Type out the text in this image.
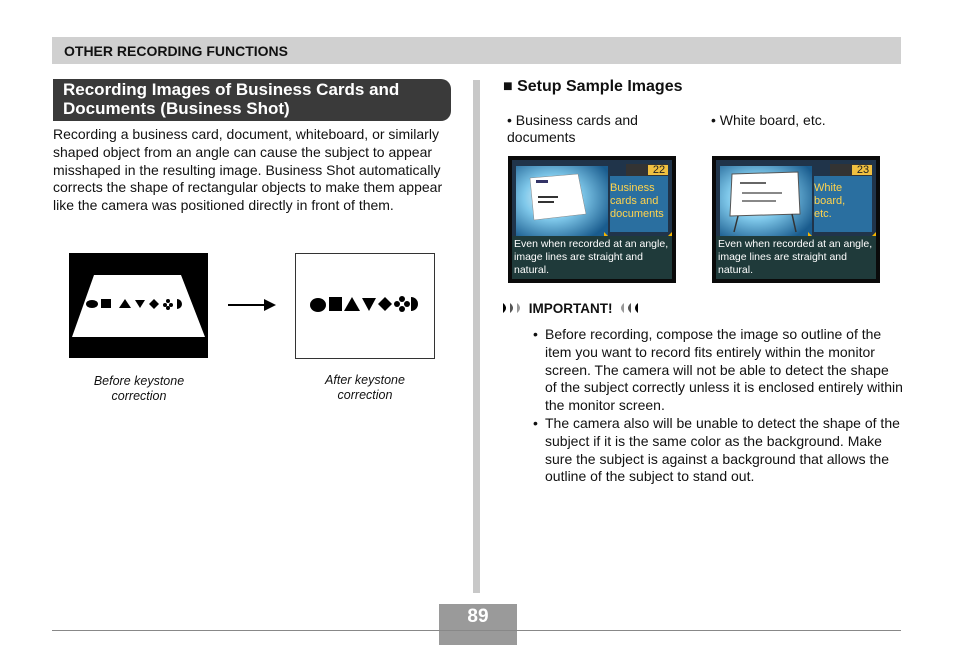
OTHER RECORDING FUNCTIONS
Recording Images of Business Cards and Documents (Business Shot)

Recording a business card, document, whiteboard, or similarly shaped object from an angle can cause the subject to appear misshaped in the resulting image. Business Shot automatically corrects the shape of rectangular objects to make them appear like the camera was positioned directly in front of them.

Before keystone correction
After keystone correction
■ Setup Sample Images
• Business cards and documents
• White board, etc.
22
Business cards and documents
Even when recorded at an angle, image lines are straight and natural.
23
White board, etc.
Even when recorded at an angle, image lines are straight and natural.
IMPORTANT!
• Before recording, compose the image so outline of the item you want to record fits entirely within the monitor screen. The camera will not be able to detect the shape of the subject correctly unless it is enclosed entirely within the monitor screen.
• The camera also will be unable to detect the shape of the subject if it is the same color as the background. Make sure the subject is against a background that allows the outline of the subject to stand out.
89
